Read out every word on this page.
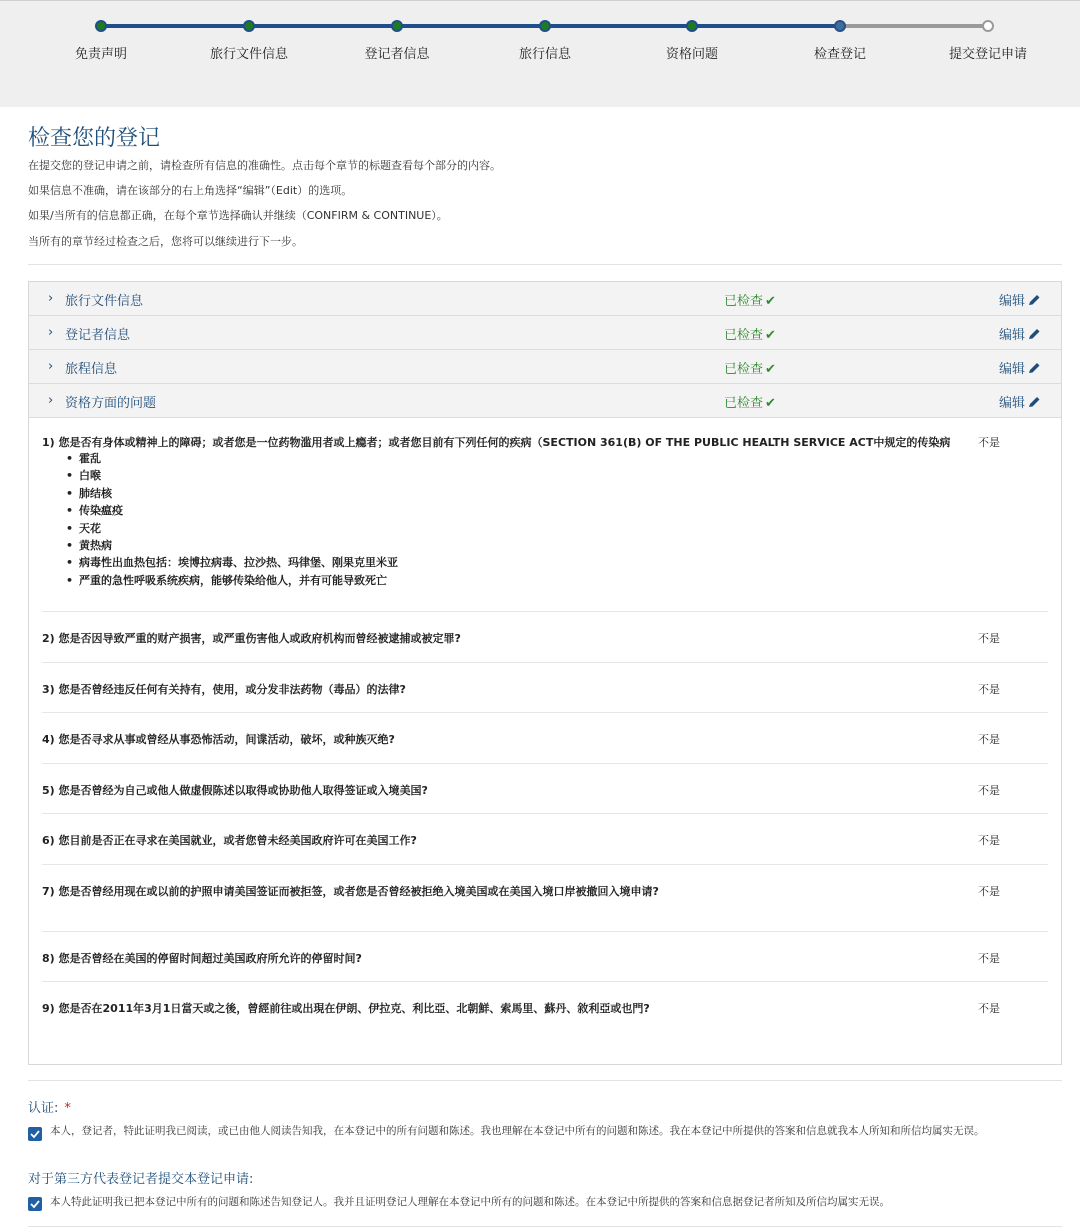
免责声明	旅行文件信息	登记者信息	旅行信息	资格问题	检查登记	提交登记申请
检查您的登记

在提交您的登记申请之前，请检查所有信息的准确性。点击每个章节的标题查看每个部分的内容。

如果信息不准确，请在该部分的右上角选择“编辑”（Edit）的选项。

如果/当所有的信息都正确，在每个章节选择确认并继续（CONFIRM & CONTINUE）。

当所有的章节经过检查之后，您将可以继续进行下一步。

› 旅行文件信息	已检查 ✔	编辑
› 登记者信息	已检查 ✔	编辑
› 旅程信息	已检查 ✔	编辑
› 资格方面的问题	已检查 ✔	编辑
1) 您是否有身体或精神上的障碍；或者您是一位药物滥用者或上瘾者；或者您目前有下列任何的疾病（SECTION 361(B) OF THE PUBLIC HEALTH SERVICE ACT中规定的传染病	不是
• 霍乱
• 白喉
• 肺结核
• 传染瘟疫
• 天花
• 黄热病
• 病毒性出血热包括：埃博拉病毒、拉沙热、玛律堡、刚果克里米亚
• 严重的急性呼吸系统疾病，能够传染给他人，并有可能导致死亡
2) 您是否因导致严重的财产损害，或严重伤害他人或政府机构而曾经被逮捕或被定罪?	不是
3) 您是否曾经违反任何有关持有，使用，或分发非法药物（毒品）的法律?	不是
4) 您是否寻求从事或曾经从事恐怖活动，间谍活动，破坏，或种族灭绝?	不是
5) 您是否曾经为自己或他人做虚假陈述以取得或协助他人取得签证或入境美国?	不是
6) 您目前是否正在寻求在美国就业，或者您曾未经美国政府许可在美国工作?	不是
7) 您是否曾经用现在或以前的护照申请美国签证而被拒签，或者您是否曾经被拒绝入境美国或在美国入境口岸被撤回入境申请?	不是
8) 您是否曾经在美国的停留时间超过美国政府所允许的停留时间?	不是
9) 您是否在2011年3月1日當天或之後，曾經前往或出現在伊朗、伊拉克、利比亞、北朝鮮、索馬里、蘇丹、敘利亞或也門?	不是
认证: *

本人，登记者，特此证明我已阅读，或已由他人阅读告知我，在本登记中的所有问题和陈述。我也理解在本登记中所有的问题和陈述。我在本登记中所提供的答案和信息就我本人所知和所信均属实无误。

对于第三方代表登记者提交本登记申请:

本人特此证明我已把本登记中所有的问题和陈述告知登记人。我并且证明登记人理解在本登记中所有的问题和陈述。在本登记中所提供的答案和信息据登记者所知及所信均属实无误。
